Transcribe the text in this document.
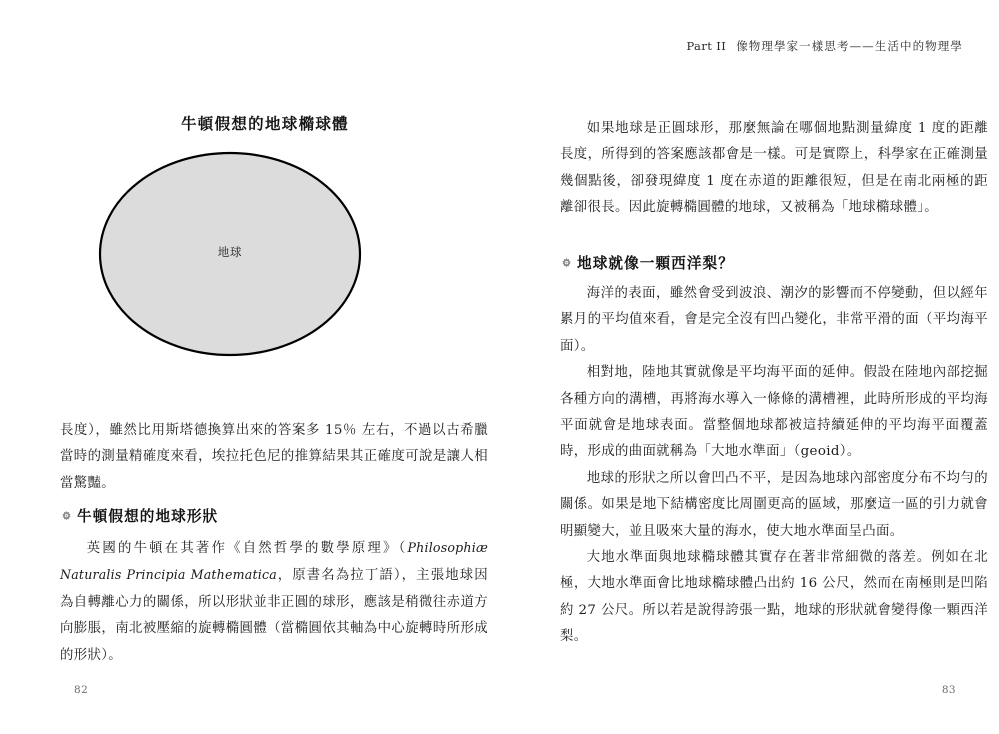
Part II 像物理學家一樣思考——生活中的物理學
牛頓假想的地球橢球體
地球

長度），雖然比用斯塔德換算出來的答案多 15％ 左右，不過以古希臘當時的測量精確度來看，埃拉托色尼的推算結果其正確度可說是讓人相當驚豔。

牛頓假想的地球形狀

英國的牛頓在其著作《自然哲學的數學原理》（Philosophiæ Naturalis Principia Mathematica，原書名為拉丁語），主張地球因為自轉離心力的關係，所以形狀並非正圓的球形，應該是稍微往赤道方向膨脹，南北被壓縮的旋轉橢圓體（當橢圓依其軸為中心旋轉時所形成的形狀）。

82

如果地球是正圓球形，那麼無論在哪個地點測量緯度 1 度的距離長度，所得到的答案應該都會是一樣。可是實際上，科學家在正確測量幾個點後，卻發現緯度 1 度在赤道的距離很短，但是在南北兩極的距離卻很長。因此旋轉橢圓體的地球，又被稱為「地球橢球體」。

地球就像一顆西洋梨？

海洋的表面，雖然會受到波浪、潮汐的影響而不停變動，但以經年累月的平均值來看，會是完全沒有凹凸變化，非常平滑的面（平均海平面）。

相對地，陸地其實就像是平均海平面的延伸。假設在陸地內部挖掘各種方向的溝槽，再將海水導入一條條的溝槽裡，此時所形成的平均海平面就會是地球表面。當整個地球都被這持續延伸的平均海平面覆蓋時，形成的曲面就稱為「大地水準面」（geoid）。

地球的形狀之所以會凹凸不平，是因為地球內部密度分布不均勻的關係。如果是地下結構密度比周圍更高的區域，那麼這一區的引力就會明顯變大，並且吸來大量的海水，使大地水準面呈凸面。

大地水準面與地球橢球體其實存在著非常細微的落差。例如在北極，大地水準面會比地球橢球體凸出約 16 公尺，然而在南極則是凹陷約 27 公尺。所以若是說得誇張一點，地球的形狀就會變得像一顆西洋梨。

83
